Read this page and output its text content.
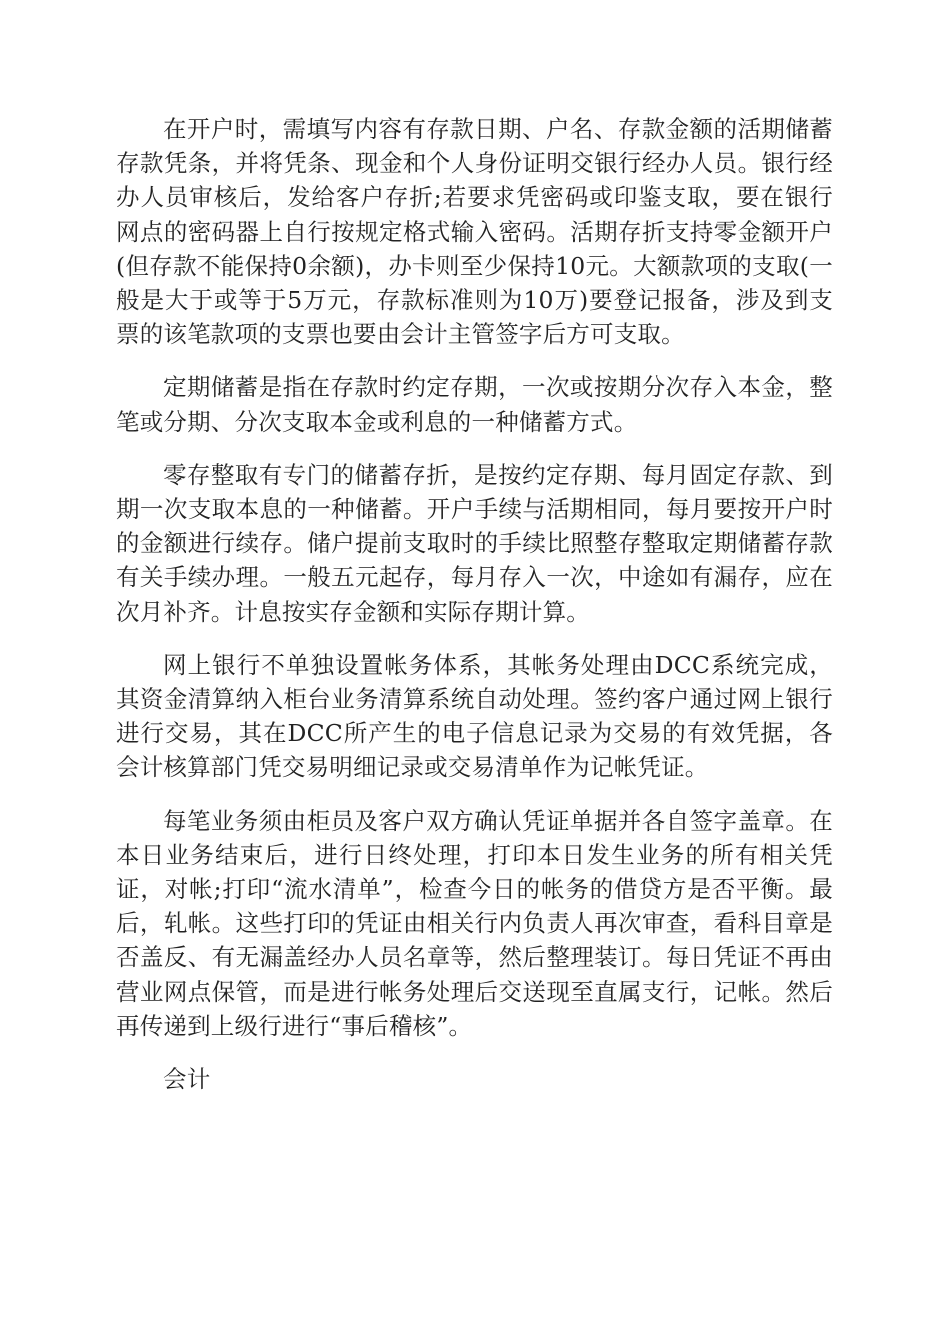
在开户时，需填写内容有存款日期、户名、存款金额的活期储蓄存款凭条，并将凭条、现金和个人身份证明交银行经办人员。银行经办人员审核后，发给客户存折;若要求凭密码或印鉴支取，要在银行网点的密码器上自行按规定格式输入密码。活期存折支持零金额开户(但存款不能保持0余额)，办卡则至少保持10元。大额款项的支取(一般是大于或等于5万元，存款标准则为10万)要登记报备，涉及到支票的该笔款项的支票也要由会计主管签字后方可支取。

定期储蓄是指在存款时约定存期，一次或按期分次存入本金，整笔或分期、分次支取本金或利息的一种储蓄方式。

零存整取有专门的储蓄存折，是按约定存期、每月固定存款、到期一次支取本息的一种储蓄。开户手续与活期相同，每月要按开户时的金额进行续存。储户提前支取时的手续比照整存整取定期储蓄存款有关手续办理。一般五元起存，每月存入一次，中途如有漏存，应在次月补齐。计息按实存金额和实际存期计算。

网上银行不单独设置帐务体系，其帐务处理由DCC系统完成，其资金清算纳入柜台业务清算系统自动处理。签约客户通过网上银行进行交易，其在DCC所产生的电子信息记录为交易的有效凭据，各会计核算部门凭交易明细记录或交易清单作为记帐凭证。

每笔业务须由柜员及客户双方确认凭证单据并各自签字盖章。在本日业务结束后，进行日终处理，打印本日发生业务的所有相关凭证，对帐;打印“流水清单”，检查今日的帐务的借贷方是否平衡。最后，轧帐。这些打印的凭证由相关行内负责人再次审查，看科目章是否盖反、有无漏盖经办人员名章等，然后整理装订。每日凭证不再由营业网点保管，而是进行帐务处理后交送现至直属支行，记帐。然后再传递到上级行进行“事后稽核”。

会计
